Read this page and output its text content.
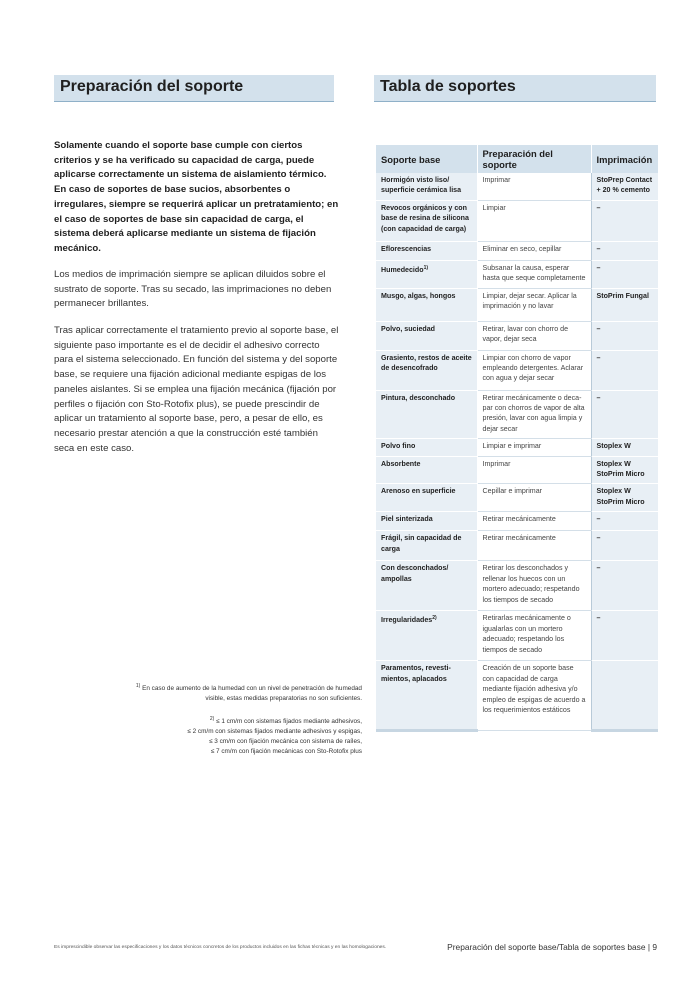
Preparación del soporte	Tabla de soportes
Solamente cuando el soporte base cumple con ciertos criterios y se ha verificado su capacidad de carga, puede aplicarse correctamente un sistema de aislamiento térmico. En caso de soportes de base sucios, absorbentes o irregulares, siempre se requerirá aplicar un pretratamiento; en el caso de soportes de base sin capacidad de carga, el sistema deberá aplicarse mediante un sistema de fijación mecánico.
Los medios de imprimación siempre se aplican diluidos sobre el sustrato de soporte. Tras su secado, las imprimaciones no deben permanecer brillantes.
Tras aplicar correctamente el tratamiento previo al soporte base, el siguiente paso importante es el de decidir el adhesivo correcto para el sistema seleccionado. En función del sistema y del soporte base, se requiere una fijación adicional mediante espigas de los paneles aislantes. Si se emplea una fijación mecánica (fijación por perfiles o fijación con Sto-Rotofix plus), se puede prescindir de aplicar un tratamiento al soporte base, pero, a pesar de ello, es necesario prestar atención a que la construcción esté también seca en este caso.
$^{1)}$ En caso de aumento de la humedad con un nivel de penetración de humedad visible, estas medidas preparatorias no son suficientes.
$^{2)}$ ≤ 1 cm/m con sistemas fijados mediante adhesivos,
≤ 2 cm/m con sistemas fijados mediante adhesivos y espigas,
≤ 3 cm/m con fijación mecánica con sistema de raíles,
≤ 7 cm/m con fijación mecánicas con Sto-Rotofix plus
Soporte base	Preparación del soporte	Imprimación
Hormigón visto liso/ superficie cerámica lisa	Imprimar	StoPrep Contact + 20 % cemento
Revocos orgánicos y con base de resina de silicona (con capacidad de carga)	Limpiar	–
Eflorescencias	Eliminar en seco, cepillar	–
Humedecido$^{1)}$	Subsanar la causa, esperar hasta que seque completamente	–
Musgo, algas, hongos	Limpiar, dejar secar. Aplicar la imprimación y no lavar	StoPrim Fungal
Polvo, suciedad	Retirar, lavar con chorro de vapor, dejar seca	–
Grasiento, restos de aceite de desencofrado	Limpiar con chorro de vapor empleando detergentes. Aclarar con agua y dejar secar	–
Pintura, desconchado	Retirar mecánicamente o decapar con chorros de vapor de alta presión, lavar con agua limpia y dejar secar	–
Polvo fino	Limpiar e imprimar	Stoplex W
Absorbente	Imprimar	Stoplex W StoPrim Micro
Arenoso en superficie	Cepillar e imprimar	Stoplex W StoPrim Micro
Piel sinterizada	Retirar mecánicamente	–
Frágil, sin capacidad de carga	Retirar mecánicamente	–
Con desconchados/ ampollas	Retirar los desconchados y rellenar los huecos con un mortero adecuado; respetando los tiempos de secado	–
Irregularidades$^{2)}$	Retirarlas mecánicamente o igualarlas con un mortero adecuado; respetando los tiempos de secado	–
Paramentos, revestimientos, aplacados	Creación de un soporte base con capacidad de carga mediante fijación adhesiva y/o empleo de espigas de acuerdo a los requerimientos estáticos	
Es imprescindible observar las especificaciones y los datos técnicos concretos de los productos incluidos en las fichas técnicas y en las homologaciones.	Preparación del soporte base/Tabla de soportes base | 9
